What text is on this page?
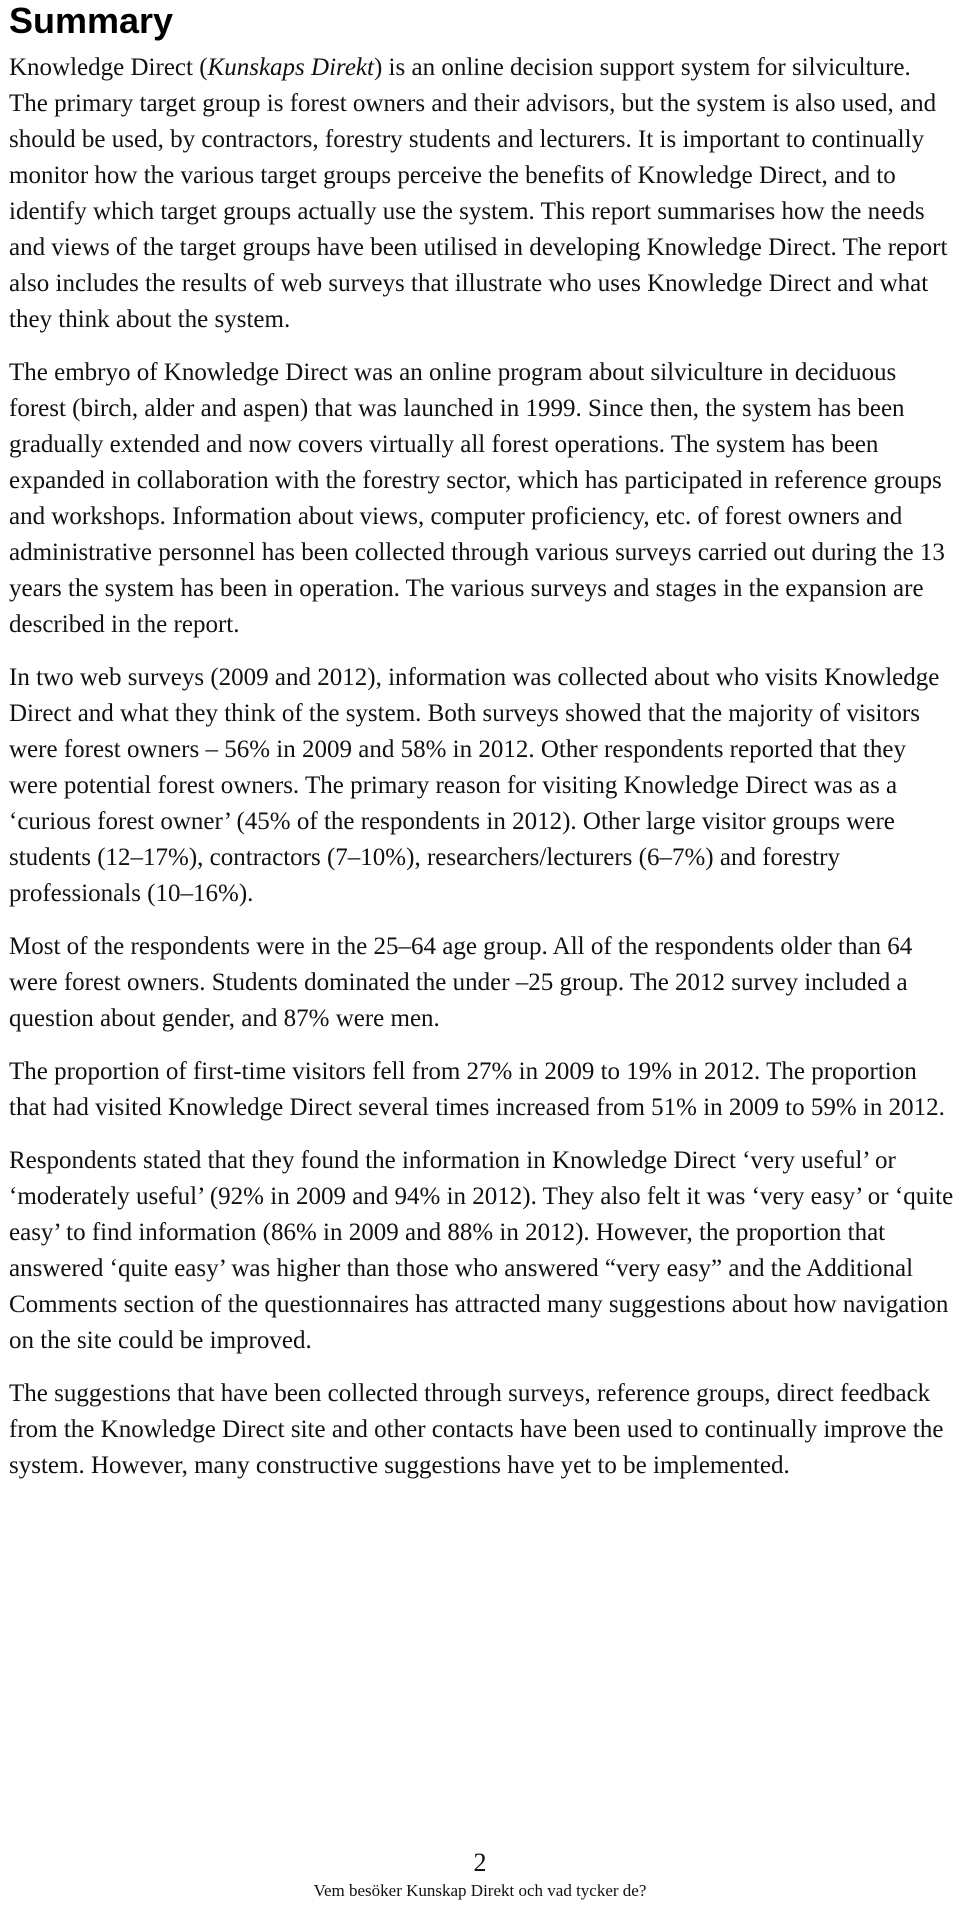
Summary

Knowledge Direct (Kunskaps Direkt) is an online decision support system for silviculture. The primary target group is forest owners and their advisors, but the system is also used, and should be used, by contractors, forestry students and lecturers. It is important to continually monitor how the various target groups perceive the benefits of Knowledge Direct, and to identify which target groups actually use the system. This report summarises how the needs and views of the target groups have been utilised in developing Knowledge Direct. The report also includes the results of web surveys that illustrate who uses Knowledge Direct and what they think about the system.

The embryo of Knowledge Direct was an online program about silviculture in deciduous forest (birch, alder and aspen) that was launched in 1999. Since then, the system has been gradually extended and now covers virtually all forest operations. The system has been expanded in collaboration with the forestry sector, which has participated in reference groups and workshops. Information about views, computer proficiency, etc. of forest owners and administrative personnel has been collected through various surveys carried out during the 13 years the system has been in operation. The various surveys and stages in the expansion are described in the report.

In two web surveys (2009 and 2012), information was collected about who visits Knowledge Direct and what they think of the system. Both surveys showed that the majority of visitors were forest owners – 56% in 2009 and 58% in 2012. Other respondents reported that they were potential forest owners. The primary reason for visiting Knowledge Direct was as a ‘curious forest owner’ (45% of the respondents in 2012). Other large visitor groups were students (12–17%), contractors (7–10%), researchers/lecturers (6–7%) and forestry professionals (10–16%).

Most of the respondents were in the 25–64 age group. All of the respondents older than 64 were forest owners. Students dominated the under –25 group. The 2012 survey included a question about gender, and 87% were men.

The proportion of first-time visitors fell from 27% in 2009 to 19% in 2012. The proportion that had visited Knowledge Direct several times increased from 51% in 2009 to 59% in 2012.

Respondents stated that they found the information in Knowledge Direct ‘very useful’ or ‘moderately useful’ (92% in 2009 and 94% in 2012). They also felt it was ‘very easy’ or ‘quite easy’ to find information (86% in 2009 and 88% in 2012). However, the proportion that answered ‘quite easy’ was higher than those who answered “very easy” and the Additional Comments section of the questionnaires has attracted many suggestions about how navigation on the site could be improved.

The suggestions that have been collected through surveys, reference groups, direct feedback from the Knowledge Direct site and other contacts have been used to continually improve the system. However, many constructive suggestions have yet to be implemented.

2
Vem besöker Kunskap Direkt och vad tycker de?
